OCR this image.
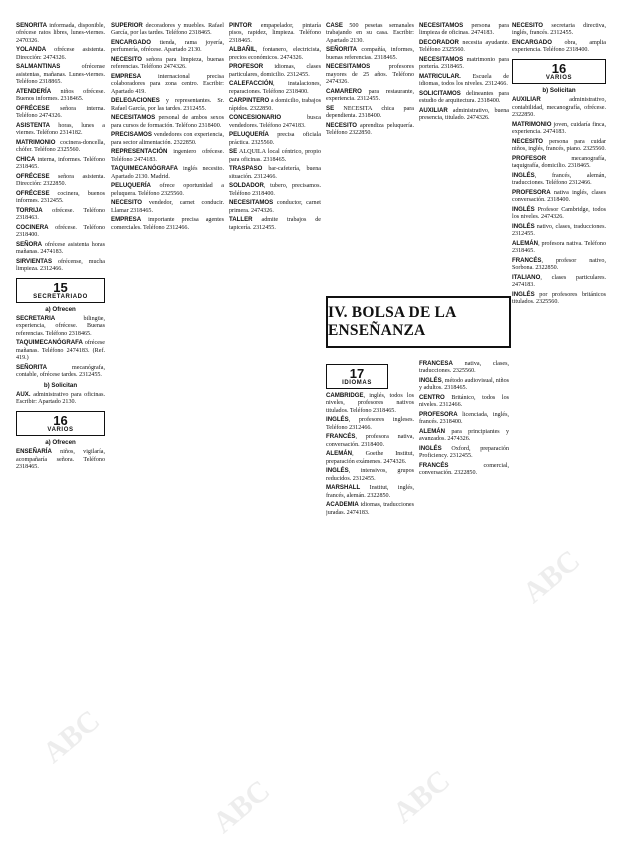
SEÑORITA informada, disponible, ofrécese ratos libres, lunes-viernes. 2470326.

YOLANDA ofrécese asistenta. Dirección: 2474326.

SALMANTINAS ofrécense asistentas, mañanas. Lunes-viernes. Teléfono 2318865.

ATENDERÍA niños ofrécese. Buenos informes. 2318465.

OFRÉCESE señora interna. Teléfono 2474326.

ASISTENTA horas, lunes a viernes. Teléfono 2314182.

MATRIMONIO cocinera-doncella, chófer. Teléfono 2325560.

CHICA interna, informes. Teléfono 2318465.

OFRÉCESE señora asistenta. Dirección: 2322850.

OFRÉCESE cocinera, buenos informes. 2312455.

TORRIJA ofrécese. Teléfono 2318463.

COCINERA ofrécese. Teléfono 2318400.

SEÑORA ofrécese asistenta horas mañanas. 2474183.

SIRVIENTAS ofrécense, mucha limpieza. 2312466.

15
SECRETARIADO
a) Ofrecen

SECRETARIA bilingüe, experiencia, ofrécese. Buenas referencias. Teléfono 2318465.

TAQUIMECANÓGRAFA ofrécese mañanas. Teléfono 2474183. (Ref. 419.)

SEÑORITA mecanógrafa, contable, ofrécese tardes. 2312455.

b) Solicitan

AUX. administrativo para oficinas. Escribir: Apartado 2130.

16
VARIOS
a) Ofrecen

ENSEÑARÍA niños, vigilaría, acompañaría señora. Teléfono 2318465.

SUPERIOR decoradores y muebles. Rafael García, por las tardes. Teléfono 2318465.

ENCARGADO tienda, rama joyería, perfumería, ofrécese. Apartado 2130.

NECESITO señora para limpieza, buenas referencias. Teléfono 2474326.

EMPRESA internacional precisa colaboradores para zona centro. Escribir: Apartado 419.

DELEGACIONES y representantes. Sr. Rafael García, por las tardes. 2312455.

NECESITAMOS personal de ambos sexos para cursos de formación. Teléfono 2318400.

PRECISAMOS vendedores con experiencia, para sector alimentación. 2322850.

REPRESENTACIÓN ingeniero ofrécese. Teléfono 2474183.

TAQUIMECANÓGRAFA inglés necesito. Apartado 2130. Madrid.

PELUQUERÍA ofrece oportunidad a peluquera. Teléfono 2325560.

NECESITO vendedor, carnet conducir. Llamar 2318465.

EMPRESA importante precisa agentes comerciales. Teléfono 2312466.

PINTOR empapelador, pintaría pisos, rapidez, limpieza. Teléfono 2318465.

ALBAÑIL, fontanero, electricista, precios económicos. 2474326.

PROFESOR idiomas, clases particulares, domicilio. 2312455.

CALEFACCIÓN, instalaciones, reparaciones. Teléfono 2318400.

CARPINTERO a domicilio, trabajos rápidos. 2322850.

CONCESIONARIO busca vendedores. Teléfono 2474183.

PELUQUERÍA precisa oficiala práctica. 2325560.

SE ALQUILA local céntrico, propio para oficinas. 2318465.

TRASPASO bar-cafetería, buena situación. 2312466.

SOLDADOR, tubero, precisamos. Teléfono 2318400.

NECESITAMOS conductor, carnet primera. 2474326.

TALLER admite trabajos de tapicería. 2312455.

CASE 500 pesetas semanales trabajando en su casa. Escribir: Apartado 2130.

SEÑORITA compañía, informes, buenas referencias. 2318465.

NECESITAMOS profesores mayores de 25 años. Teléfono 2474326.

CAMARERO para restaurante, experiencia. 2312455.

SE NECESITA chica para dependienta. 2318400.

NECESITO aprendiza peluquería. Teléfono 2322850.

NECESITAMOS persona para limpieza de oficinas. 2474183.

DECORADOR necesita ayudante. Teléfono 2325560.

NECESITAMOS matrimonio para portería. 2318465.

MATRICULAR. Escuela de idiomas, todos los niveles. 2312466.

SOLICITAMOS delineantes para estudio de arquitectura. 2318400.

AUXILIAR administrativo, buena presencia, titulado. 2474326.

NECESITO secretaria directiva, inglés, francés. 2312455.

ENCARGADO obra, amplia experiencia. Teléfono 2318400.

16
VARIOS
b) Solicitan

AUXILIAR administrativo, contabilidad, mecanografía, ofrécese. 2322850.

MATRIMONIO joven, cuidaría finca, experiencia. 2474183.

NECESITO persona para cuidar niños, inglés, francés, piano. 2325560.

PROFESOR mecanografía, taquigrafía, domicilio. 2318465.

INGLÉS, francés, alemán, traducciones. Teléfono 2312466.

PROFESORA nativa inglés, clases conversación. 2318400.

INGLÉS Profesor Cambridge, todos los niveles. 2474326.

INGLÉS nativo, clases, traducciones. 2312455.

ALEMÁN, profesora nativa. Teléfono 2318465.

FRANCÉS, profesor nativo, Sorbona. 2322850.

ITALIANO, clases particulares. 2474183.

INGLÉS por profesores británicos titulados. 2325560.

IV. BOLSA DE LA ENSEÑANZA
17
IDIOMAS

CAMBRIDGE, inglés, todos los niveles, profesores nativos titulados. Teléfono 2318465.

INGLÉS, profesores ingleses. Teléfono 2312466.

FRANCÉS, profesora nativa, conversación. 2318400.

ALEMÁN, Goethe Institut, preparación exámenes. 2474326.

INGLÉS, intensivos, grupos reducidos. 2312455.

MARSHALL Institut, inglés, francés, alemán. 2322850.

ACADEMIA idiomas, traducciones juradas. 2474183.

FRANCESA nativa, clases, traducciones. 2325560.

INGLÉS, método audiovisual, niños y adultos. 2318465.

CENTRO Británico, todos los niveles. 2312466.

PROFESORA licenciada, inglés, francés. 2318400.

ALEMÁN para principiantes y avanzados. 2474326.

INGLÉS Oxford, preparación Proficiency. 2312455.

FRANCÉS comercial, conversación. 2322850.

ABC
ABC	ABC
ABC
